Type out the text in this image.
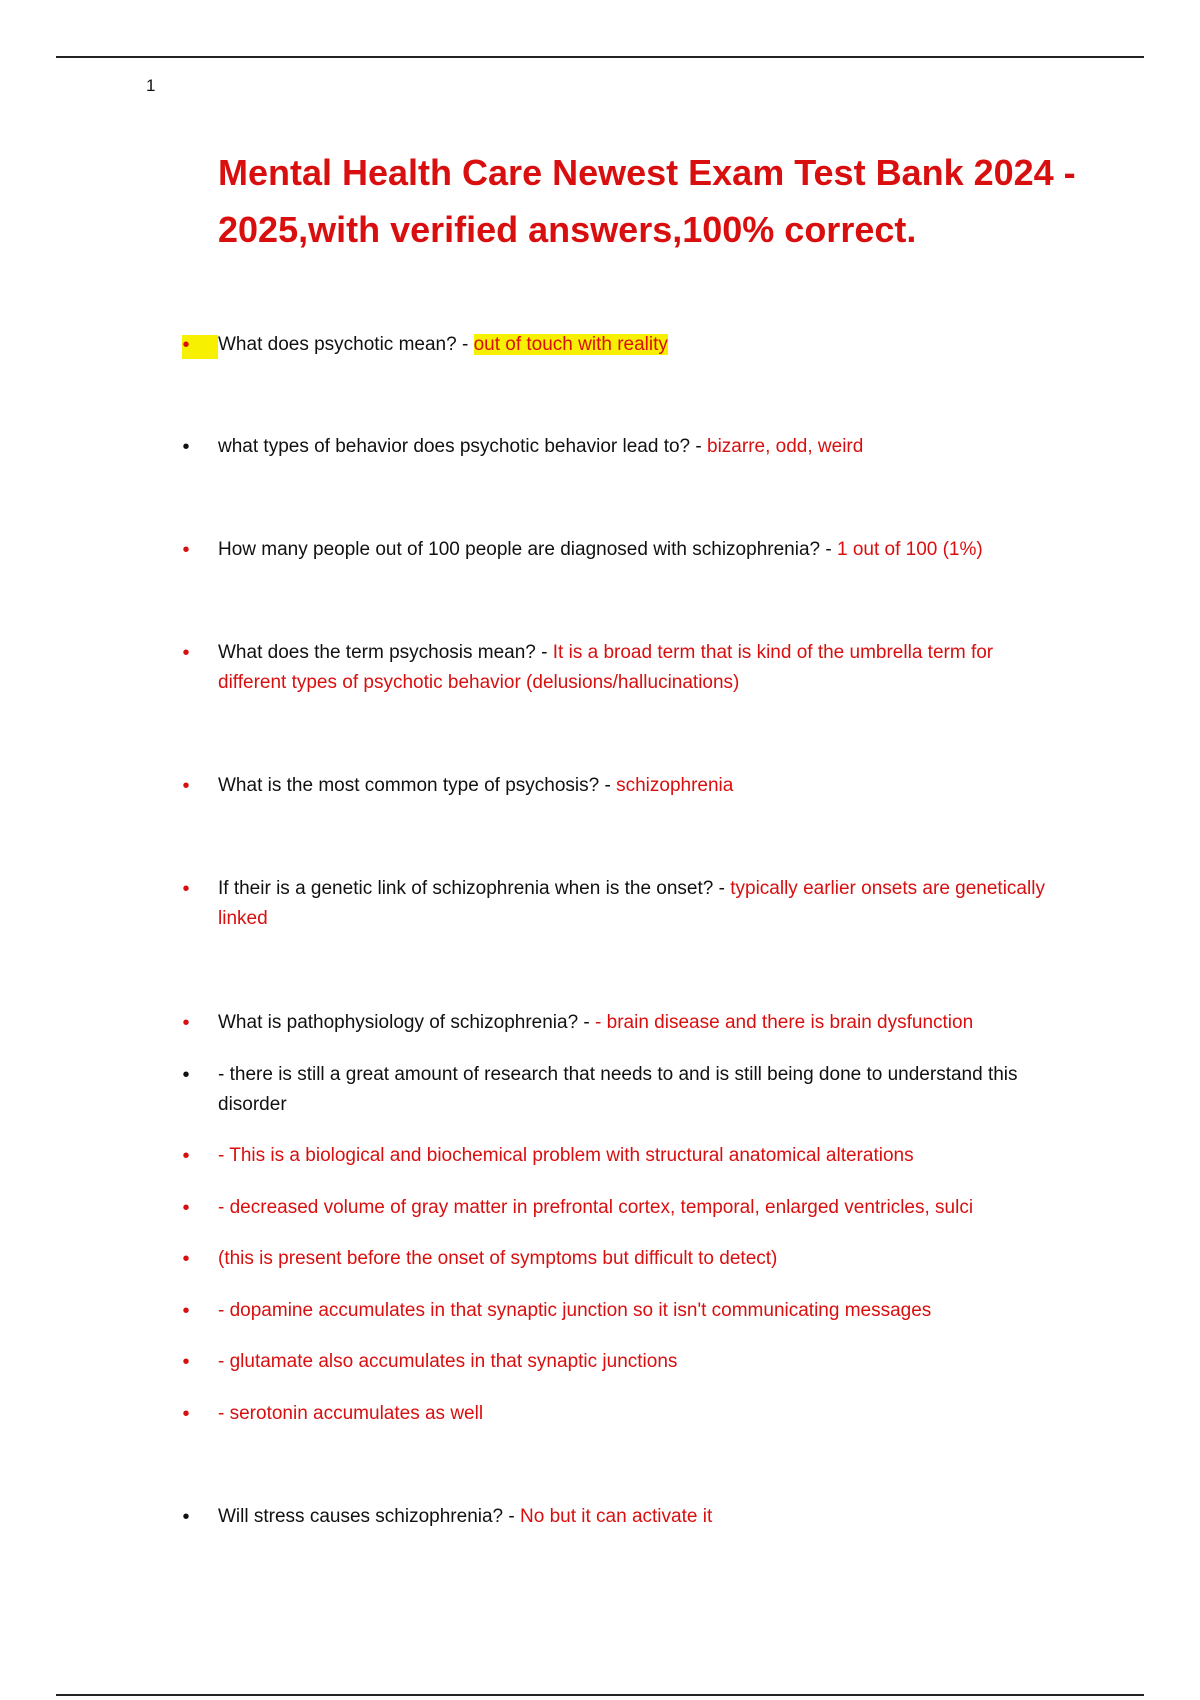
1
Mental Health Care Newest Exam Test Bank 2024 - 2025,with verified answers,100% correct.
•	What does psychotic mean? - out of touch with reality
•	what types of behavior does psychotic behavior lead to? - bizarre, odd, weird
•	How many people out of 100 people are diagnosed with schizophrenia? - 1 out of 100 (1%)
•	What does the term psychosis mean? - It is a broad term that is kind of the umbrella term for different types of psychotic behavior (delusions/hallucinations)
•	What is the most common type of psychosis? - schizophrenia
•	If their is a genetic link of schizophrenia when is the onset? - typically earlier onsets are genetically linked
•	What is pathophysiology of schizophrenia? - - brain disease and there is brain dysfunction
•	- there is still a great amount of research that needs to and is still being done to understand this disorder
•	- This is a biological and biochemical problem with structural anatomical alterations
•	- decreased volume of gray matter in prefrontal cortex, temporal, enlarged ventricles, sulci
•	(this is present before the onset of symptoms but difficult to detect)
•	- dopamine accumulates in that synaptic junction so it isn't communicating messages
•	- glutamate also accumulates in that synaptic junctions
•	- serotonin accumulates as well
•	Will stress causes schizophrenia? - No but it can activate it
